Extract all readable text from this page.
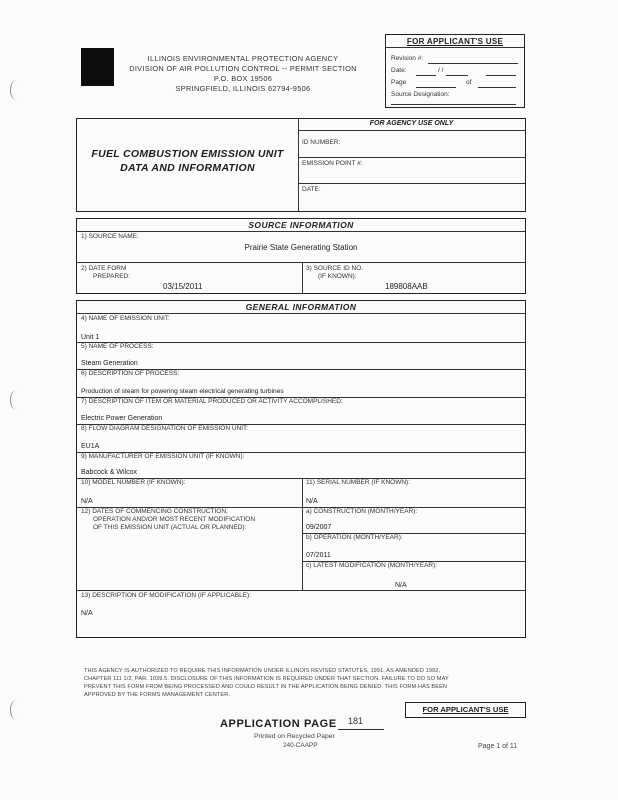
ILLINOIS ENVIRONMENTAL PROTECTION AGENCY
DIVISION OF AIR POLLUTION CONTROL -- PERMIT SECTION
P.O. BOX 19506
SPRINGFIELD, ILLINOIS 62794-9506
FOR APPLICANT'S USE
Revision #:
Date:	/ /
Page	of
Source Designation:
FUEL COMBUSTION EMISSION UNIT
DATA AND INFORMATION
FOR AGENCY USE ONLY
ID NUMBER:
EMISSION POINT #:
DATE:
SOURCE INFORMATION
1) SOURCE NAME:
Prairie State Generating Station
2) DATE FORM
PREPARED:
03/15/2011
3) SOURCE ID NO.
(IF KNOWN):
189808AAB
GENERAL INFORMATION
4) NAME OF EMISSION UNIT:
Unit 1
5) NAME OF PROCESS:
Steam Generation
6) DESCRIPTION OF PROCESS:
Production of steam for powering steam electrical generating turbines
7) DESCRIPTION OF ITEM OR MATERIAL PRODUCED OR ACTIVITY ACCOMPLISHED:
Electric Power Generation
8) FLOW DIAGRAM DESIGNATION OF EMISSION UNIT:
EU1A
9) MANUFACTURER OF EMISSION UNIT (IF KNOWN):
Babcock & Wilcox
10) MODEL NUMBER (IF KNOWN):
N/A
11) SERIAL NUMBER (IF KNOWN):
N/A
12) DATES OF COMMENCING CONSTRUCTION,
OPERATION AND/OR MOST RECENT MODIFICATION
OF THIS EMISSION UNIT (ACTUAL OR PLANNED):
a) CONSTRUCTION (MONTH/YEAR):
09/2007
b) OPERATION (MONTH/YEAR):
07/2011
c) LATEST MODIFICATION (MONTH/YEAR):
N/A
13) DESCRIPTION OF MODIFICATION (IF APPLICABLE):
N/A
THIS AGENCY IS AUTHORIZED TO REQUIRE THIS INFORMATION UNDER ILLINOIS REVISED STATUTES, 1991, AS AMENDED 1992,
CHAPTER 111 1/2, PAR. 1039.5. DISCLOSURE OF THIS INFORMATION IS REQUIRED UNDER THAT SECTION. FAILURE TO DO SO MAY
PREVENT THIS FORM FROM BEING PROCESSED AND COULD RESULT IN THE APPLICATION BEING DENIED. THIS FORM HAS BEEN
APPROVED BY THE FORMS MANAGEMENT CENTER.
FOR APPLICANT'S USE
APPLICATION PAGE 181
Printed on Recycled Paper
240-CAAPP	Page 1 of 11
